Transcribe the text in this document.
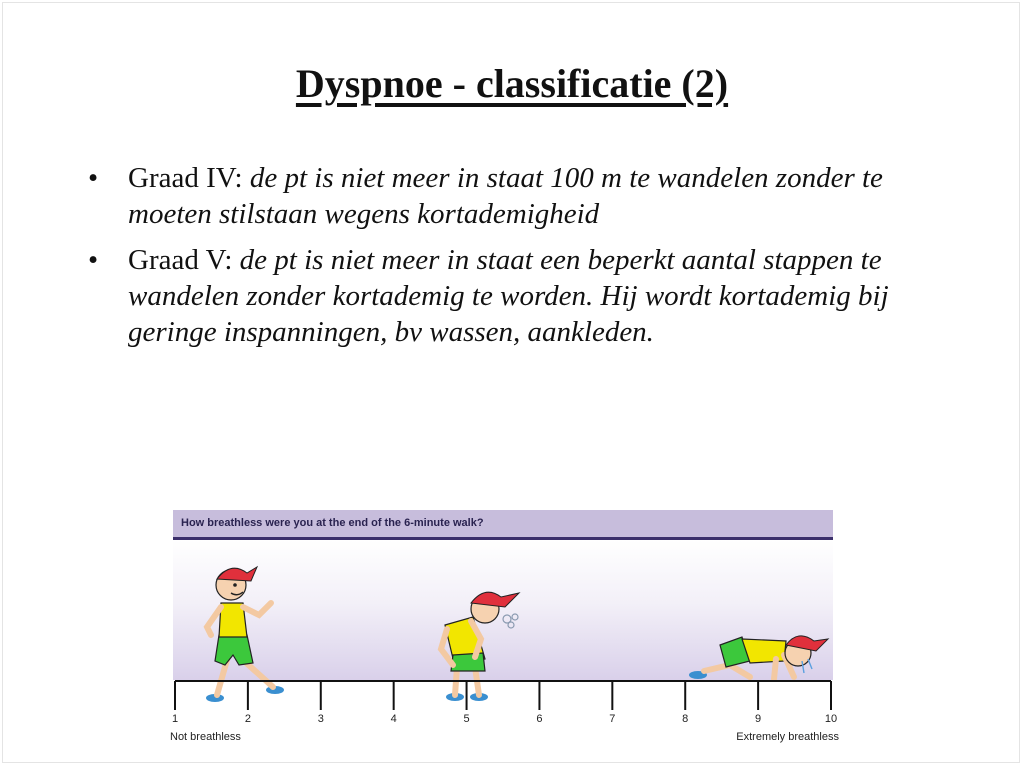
Dyspnoe - classificatie (2)
• Graad IV: de pt is niet meer in staat 100 m te wandelen zonder te moeten stilstaan wegens kortademigheid
• Graad V: de pt is niet meer in staat een beperkt aantal stappen te wandelen zonder kortademig te worden. Hij wordt kortademig bij geringe inspanningen, bv wassen, aankleden.
How breathless were you at the end of the 6-minute walk?
1	2	3	4	5	6	7	8	9	10
Not breathless	Extremely breathless
